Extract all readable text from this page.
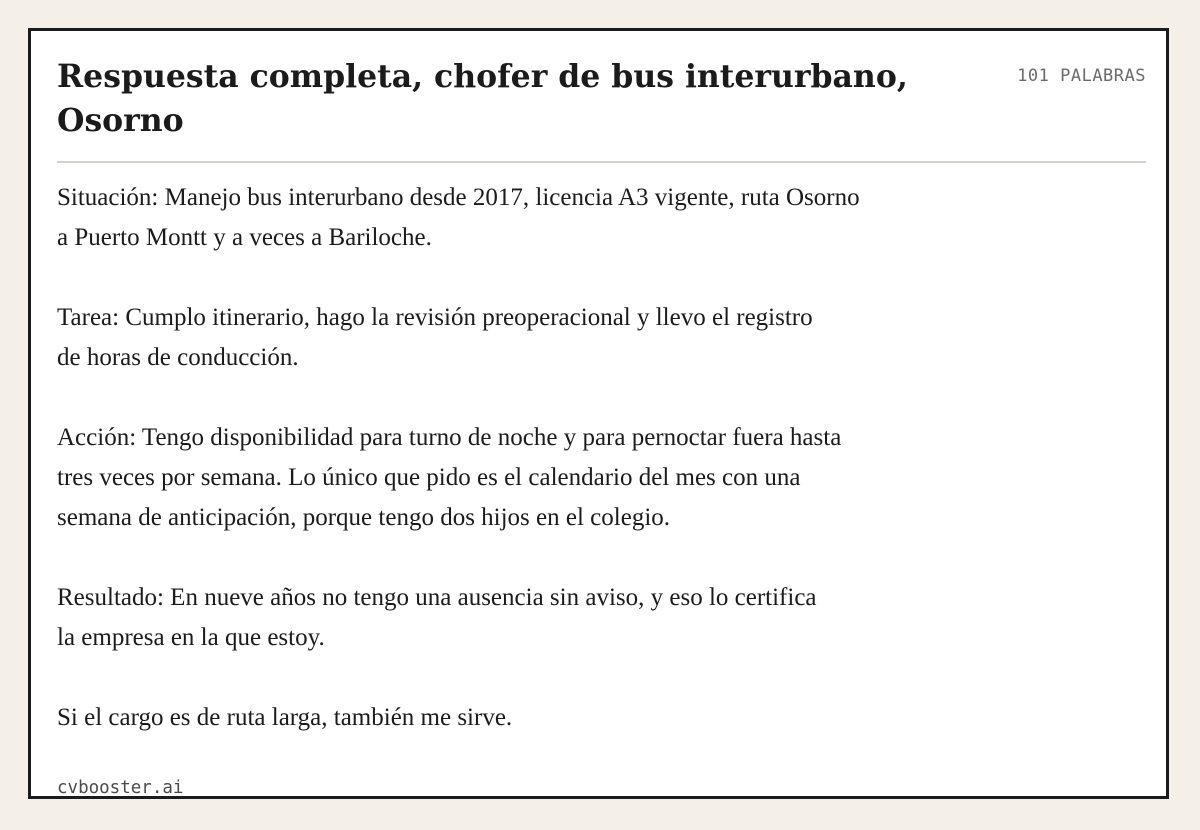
Respuesta completa, chofer de bus interurbano, Osorno
101 PALABRAS

Situación: Manejo bus interurbano desde 2017, licencia A3 vigente, ruta Osorno
a Puerto Montt y a veces a Bariloche.

Tarea: Cumplo itinerario, hago la revisión preoperacional y llevo el registro
de horas de conducción.

Acción: Tengo disponibilidad para turno de noche y para pernoctar fuera hasta
tres veces por semana. Lo único que pido es el calendario del mes con una
semana de anticipación, porque tengo dos hijos en el colegio.

Resultado: En nueve años no tengo una ausencia sin aviso, y eso lo certifica
la empresa en la que estoy.

Si el cargo es de ruta larga, también me sirve.

cvbooster.ai
